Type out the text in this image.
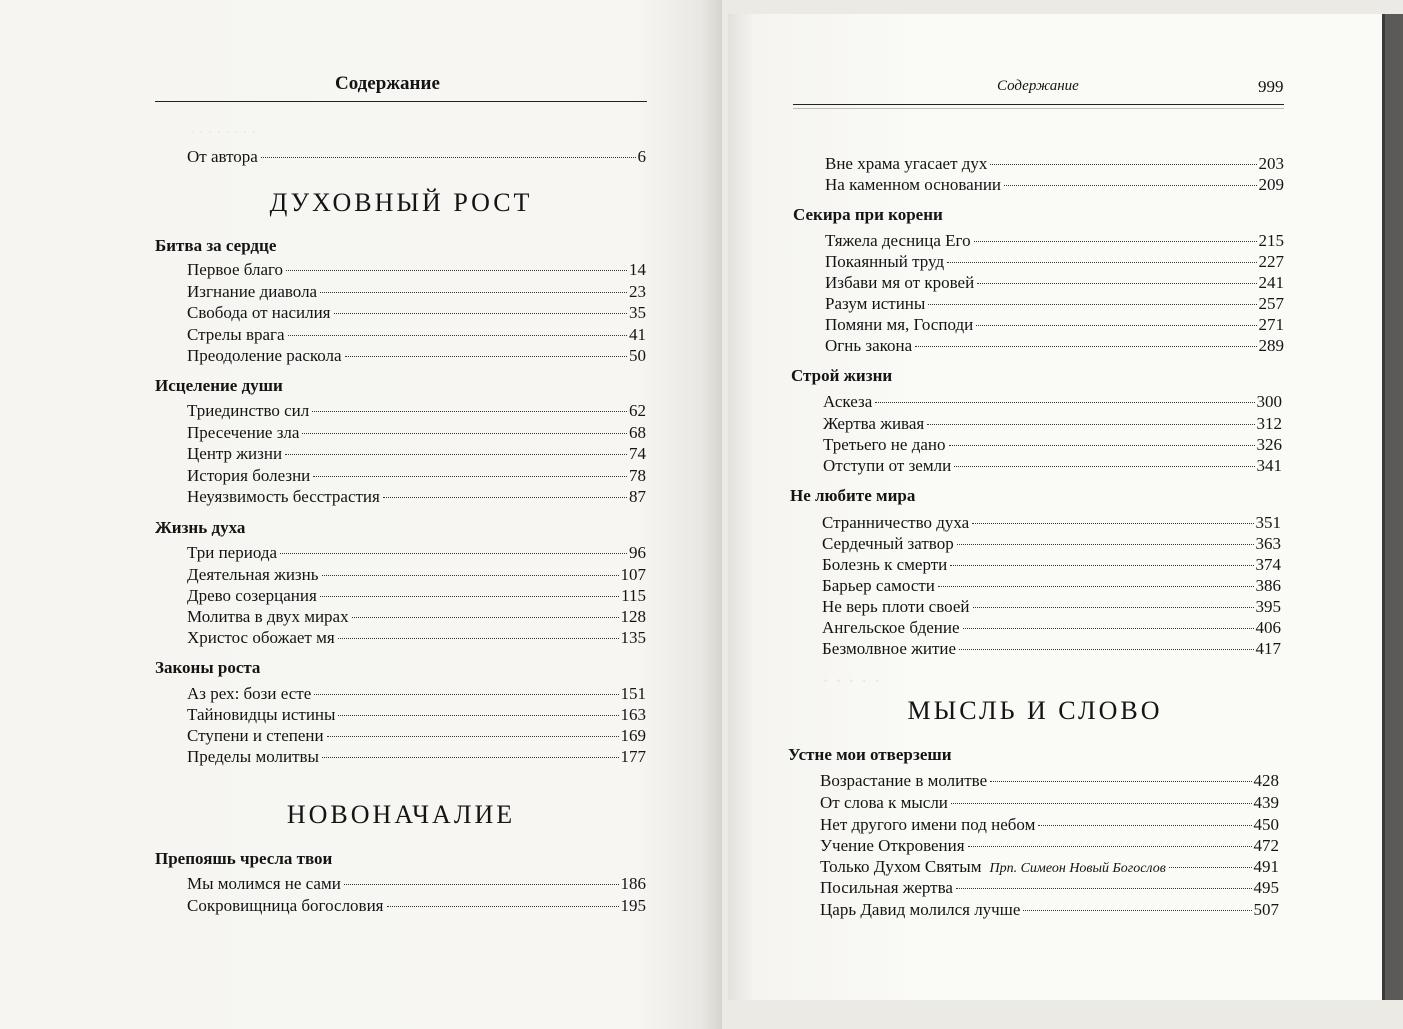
Содержание
· · · · · · · ·
От автора	6
ДУХОВНЫЙ РОСТ
Битва за сердце
Первое благо	14
Изгнание диавола	23
Свобода от насилия	35
Стрелы врага	41
Преодоление раскола	50
Исцеление души
Триединство сил	62
Пресечение зла	68
Центр жизни	74
История болезни	78
Неуязвимость бесстрастия	87
Жизнь духа
Три периода	96
Деятельная жизнь	107
Древо созерцания	115
Молитва в двух мирах	128
Христос обожает мя	135
Законы роста
Аз рех: бози есте	151
Тайновидцы истины	163
Ступени и степени	169
Пределы молитвы	177
НОВОНАЧАЛИЕ
Препояшь чресла твои
Мы молимся не сами	186
Сокровищница богословия	195
Содержание	999
Вне храма угасает дух	203
На каменном основании	209
Секира при корени
Тяжела десница Его	215
Покаянный труд	227
Избави мя от кровей	241
Разум истины	257
Помяни мя, Господи	271
Огнь закона	289
Строй жизни
Аскеза	300
Жертва живая	312
Третьего не дано	326
Отступи от земли	341
Не любите мира
Странничество духа	351
Сердечный затвор	363
Болезнь к смерти	374
Барьер самости	386
Не верь плоти своей	395
Ангельское бдение	406
Безмолвное житие	417
· · · · ·
МЫСЛЬ И СЛОВО
Устне мои отверзеши
Возрастание в молитве	428
От слова к мысли	439
Нет другого имени под небом	450
Учение Откровения	472
Только Духом Святым Прп. Симеон Новый Богослов	491
Посильная жертва	495
Царь Давид молился лучше	507
